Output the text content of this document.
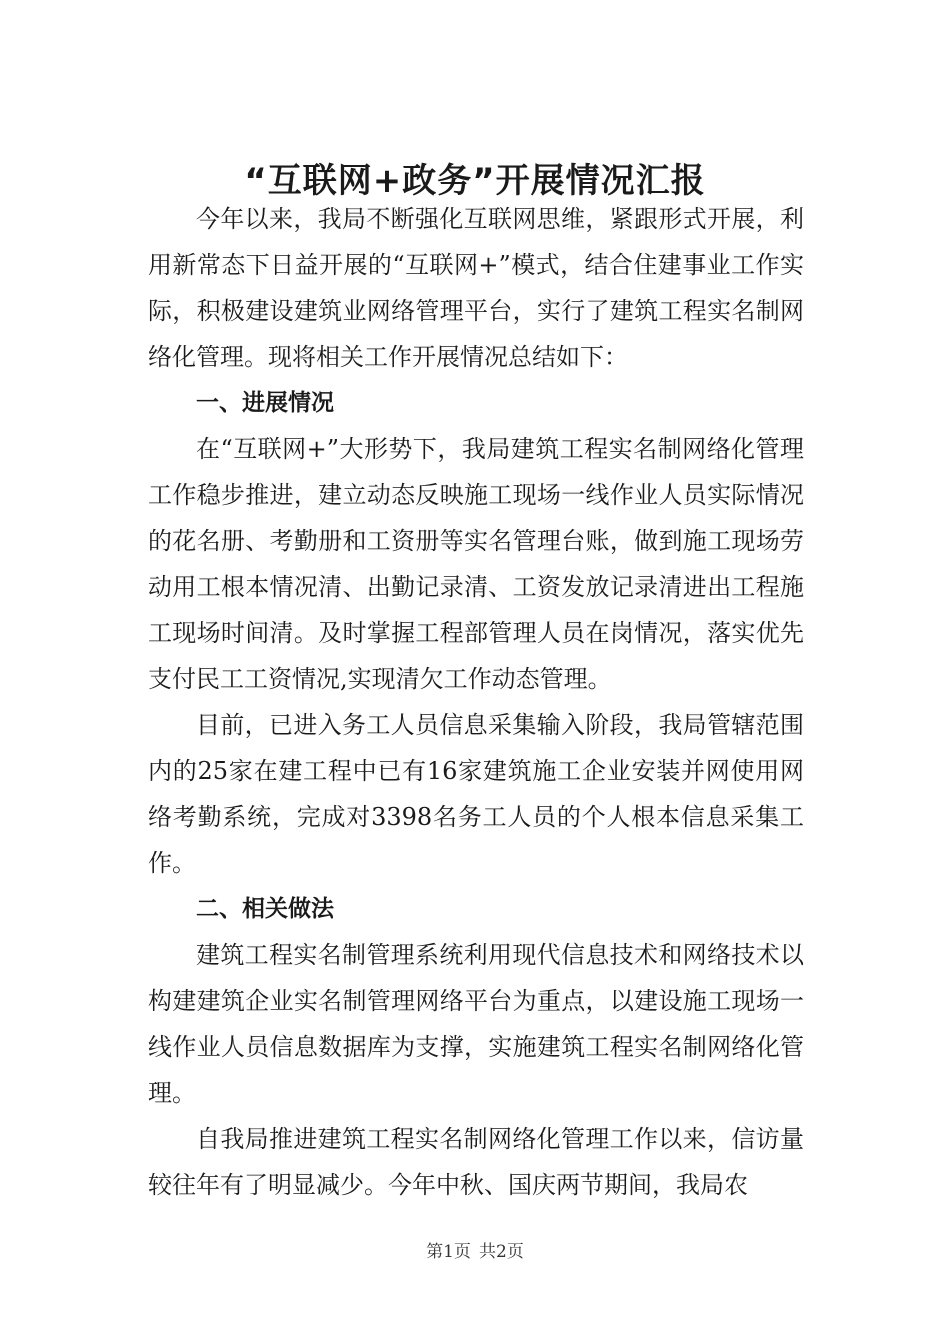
“互联网+政务”开展情况汇报

今年以来，我局不断强化互联网思维，紧跟形式开展，利用新常态下日益开展的“互联网+”模式，结合住建事业工作实际，积极建设建筑业网络管理平台，实行了建筑工程实名制网络化管理。现将相关工作开展情况总结如下：

一、进展情况

在“互联网+”大形势下，我局建筑工程实名制网络化管理工作稳步推进，建立动态反映施工现场一线作业人员实际情况的花名册、考勤册和工资册等实名管理台账，做到施工现场劳动用工根本情况清、出勤记录清、工资发放记录清进出工程施工现场时间清。及时掌握工程部管理人员在岗情况，落实优先支付民工工资情况,实现清欠工作动态管理。

目前，已进入务工人员信息采集输入阶段，我局管辖范围内的25家在建工程中已有16家建筑施工企业安装并网使用网络考勤系统，完成对3398名务工人员的个人根本信息采集工作。

二、相关做法

建筑工程实名制管理系统利用现代信息技术和网络技术以构建建筑企业实名制管理网络平台为重点，以建设施工现场一线作业人员信息数据库为支撑，实施建筑工程实名制网络化管理。

自我局推进建筑工程实名制网络化管理工作以来，信访量较往年有了明显减少。今年中秋、国庆两节期间，我局农

第1页 共2页
